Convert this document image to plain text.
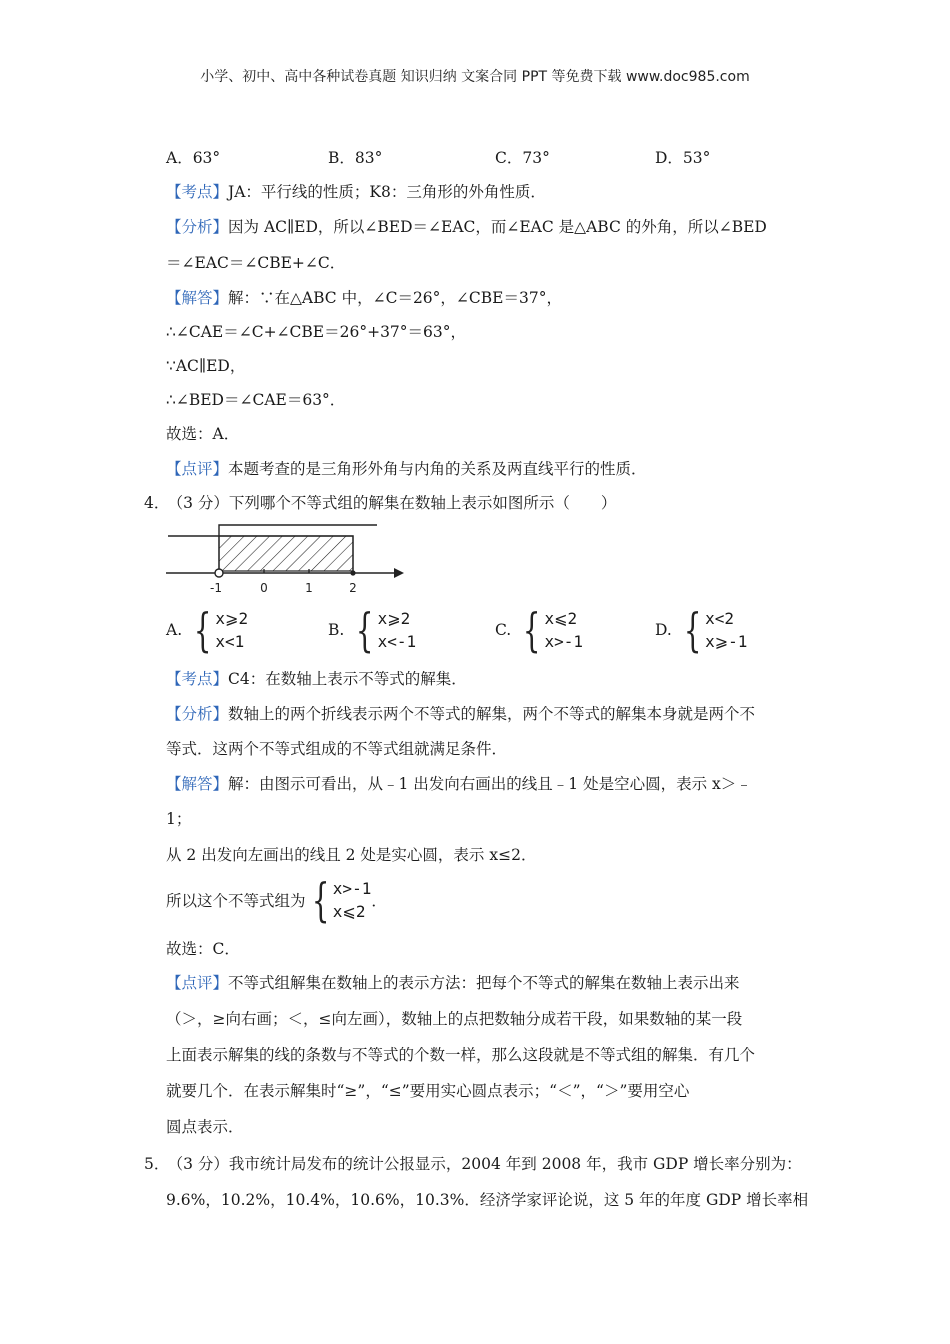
小学、初中、高中各种试卷真题 知识归纳 文案合同 PPT 等免费下载 www.doc985.com
A．63°	B．83°	C．73°	D．53°
【考点】JA：平行线的性质；K8：三角形的外角性质．
【分析】因为 AC∥ED，所以∠BED＝∠EAC，而∠EAC 是△ABC 的外角，所以∠BED
＝∠EAC＝∠CBE+∠C．
【解答】解：∵在△ABC 中，∠C＝26°，∠CBE＝37°，
∴∠CAE＝∠C+∠CBE＝26°+37°＝63°，
∵AC∥ED，
∴∠BED＝∠CAE＝63°．
故选：A．
【点评】本题考查的是三角形外角与内角的关系及两直线平行的性质．
4． （3 分）下列哪个不等式组的解集在数轴上表示如图所示（　　）
-1	0	1	2
A. { x⩾2
x<1
B. { x⩾2
x<-1
C. { x⩽2
x>-1
D. { x<2
x⩾-1
【考点】C4：在数轴上表示不等式的解集．
【分析】数轴上的两个折线表示两个不等式的解集，两个不等式的解集本身就是两个不
等式．这两个不等式组成的不等式组就满足条件．
【解答】解：由图示可看出，从﹣1 出发向右画出的线且﹣1 处是空心圆，表示 x＞﹣
1；
从 2 出发向左画出的线且 2 处是实心圆，表示 x≤2．
所以这个不等式组为 { x>-1
x⩽2
．
故选：C．
【点评】不等式组解集在数轴上的表示方法：把每个不等式的解集在数轴上表示出来
（＞，≥向右画；＜，≤向左画），数轴上的点把数轴分成若干段，如果数轴的某一段
上面表示解集的线的条数与不等式的个数一样，那么这段就是不等式组的解集．有几个
就要几个．在表示解集时“≥”，“≤”要用实心圆点表示；“＜”，“＞”要用空心
圆点表示．
5． （3 分）我市统计局发布的统计公报显示，2004 年到 2008 年，我市 GDP 增长率分别为：
9.6%，10.2%，10.4%，10.6%，10.3%．经济学家评论说，这 5 年的年度 GDP 增长率相
